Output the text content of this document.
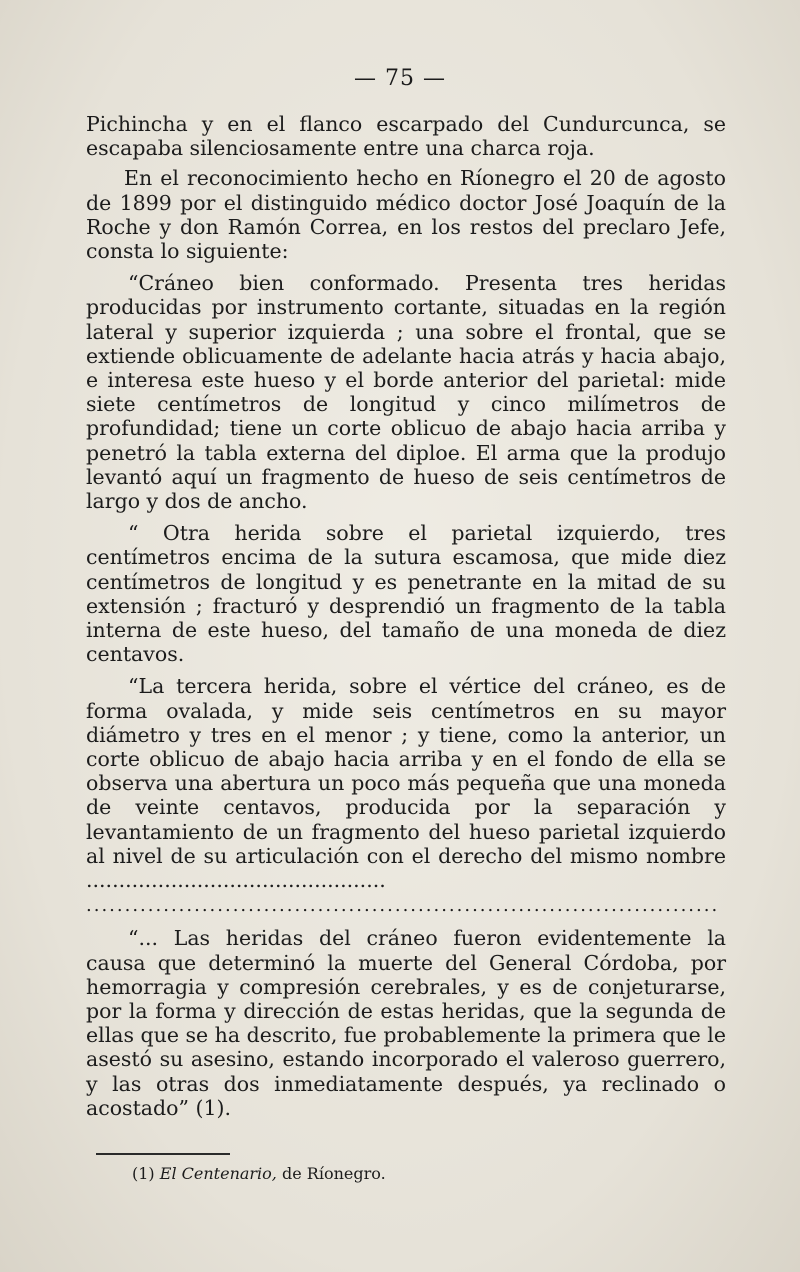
— 75 —

Pichincha y en el flanco escarpado del Cundurcunca, se escapaba silenciosamente entre una charca roja.

En el reconocimiento hecho en Ríonegro el 20 de agosto de 1899 por el distinguido médico doctor José Joaquín de la Roche y don Ramón Correa, en los restos del preclaro Jefe, consta lo siguiente:

“Cráneo bien conformado. Presenta tres heridas producidas por instrumento cortante, situadas en la región lateral y superior izquierda ; una sobre el frontal, que se extiende oblicuamente de adelante hacia atrás y hacia abajo, e interesa este hueso y el borde anterior del parietal: mide siete centímetros de longitud y cinco milímetros de profundidad; tiene un corte oblicuo de abajo hacia arriba y penetró la tabla externa del diploe. El arma que la produjo levantó aquí un fragmento de hueso de seis centímetros de largo y dos de ancho.

“ Otra herida sobre el parietal izquierdo, tres centímetros encima de la sutura escamosa, que mide diez centímetros de longitud y es penetrante en la mitad de su extensión ; fracturó y desprendió un fragmento de la tabla interna de este hueso, del tamaño de una moneda de diez centavos.

“La tercera herida, sobre el vértice del cráneo, es de forma ovalada, y mide seis centímetros en su mayor diámetro y tres en el menor ; y tiene, como la anterior, un corte oblicuo de abajo hacia arriba y en el fondo de ella se observa una abertura un poco más pequeña que una moneda de veinte centavos, producida por la separación y levantamiento de un fragmento del hueso parietal izquierdo al nivel de su articulación con el derecho del mismo nombre ..............................................

..................................................................................

“... Las heridas del cráneo fueron evidentemente la causa que determinó la muerte del General Córdoba, por hemorragia y compresión cerebrales, y es de conjeturarse, por la forma y dirección de estas heridas, que la segunda de ellas que se ha descrito, fue probablemente la primera que le asestó su asesino, estando incorporado el valeroso guerrero, y las otras dos inmediatamente después, ya reclinado o acostado” (1).

(1) El Centenario, de Ríonegro.
